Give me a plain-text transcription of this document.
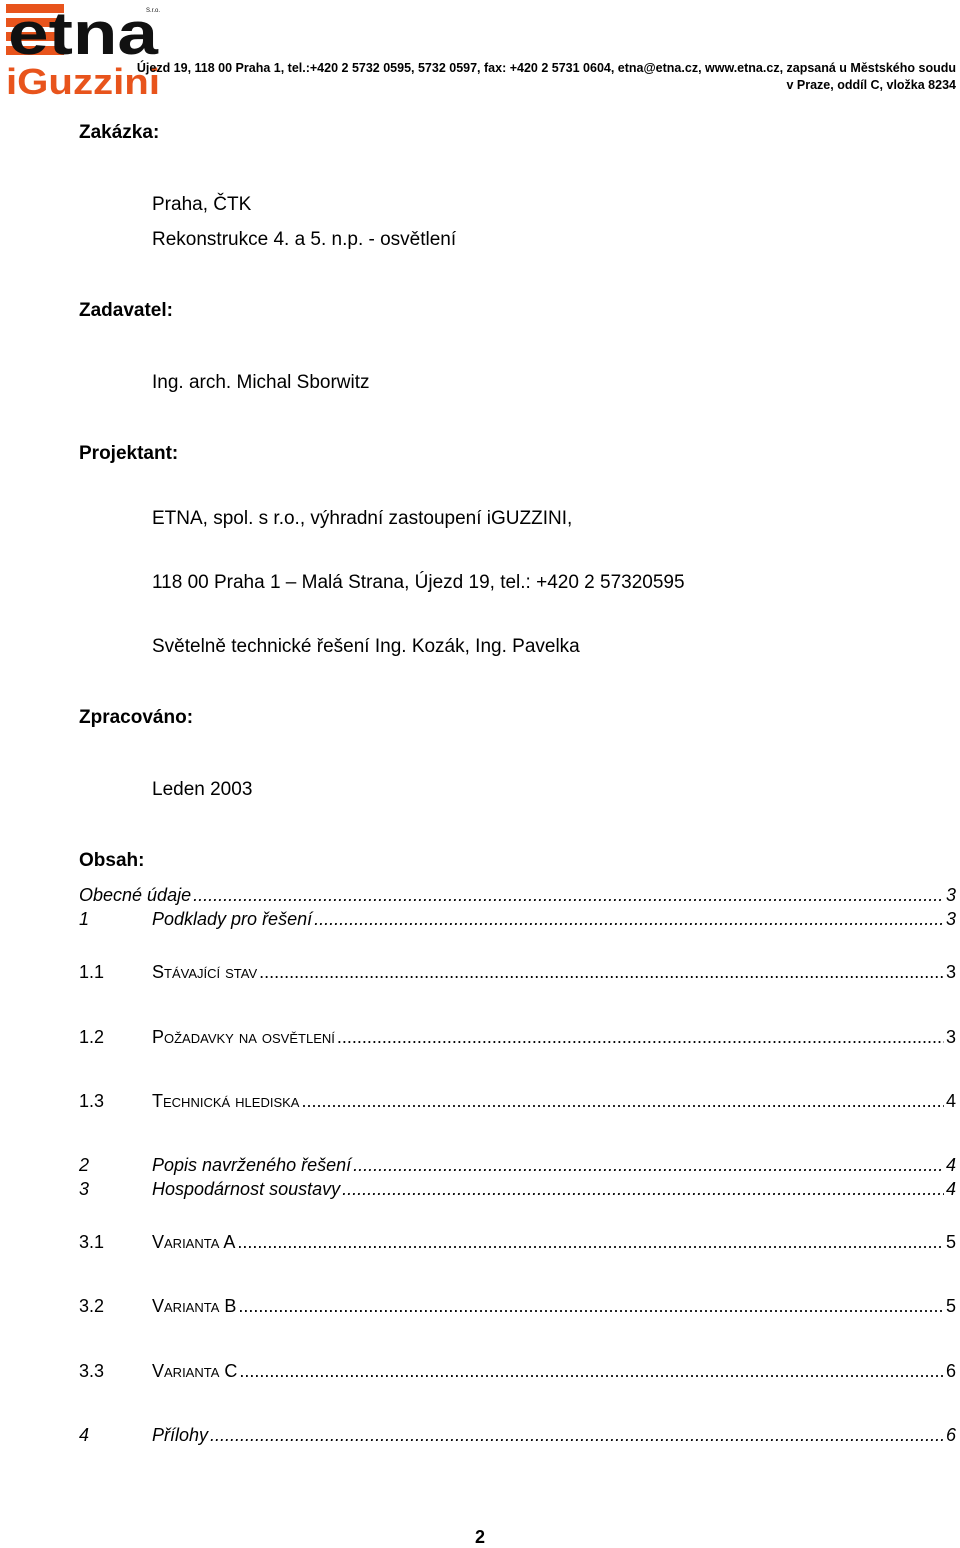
etna
S.r.o.
iGuzzini
Újezd 19, 118 00 Praha 1, tel.:+420 2 5732 0595, 5732 0597, fax: +420 2 5731 0604, etna@etna.cz, www.etna.cz, zapsaná u Městského soudu
v Praze, oddíl C, vložka 8234
Zakázka:
Praha, ČTK
Rekonstrukce 4. a 5. n.p. - osvětlení
Zadavatel:
Ing. arch. Michal Sborwitz
Projektant:
ETNA, spol. s r.o., výhradní zastoupení iGUZZINI,
118 00 Praha 1 – Malá Strana, Újezd 19, tel.: +420 2 57320595
Světelně technické řešení Ing. Kozák, Ing. Pavelka
Zpracováno:
Leden 2003
Obsah:
Obecné údaje .....	3
1	Podklady pro řešení .....	3
1.1	Stávající stav .....	3
1.2	Požadavky na osvětlení .....	3
1.3	Technická hlediska .....	4
2	Popis navrženého řešení .....	4
3	Hospodárnost soustavy .....	4
3.1	Varianta A .....	5
3.2	Varianta B .....	5
3.3	Varianta C .....	6
4	Přílohy .....	6
2
